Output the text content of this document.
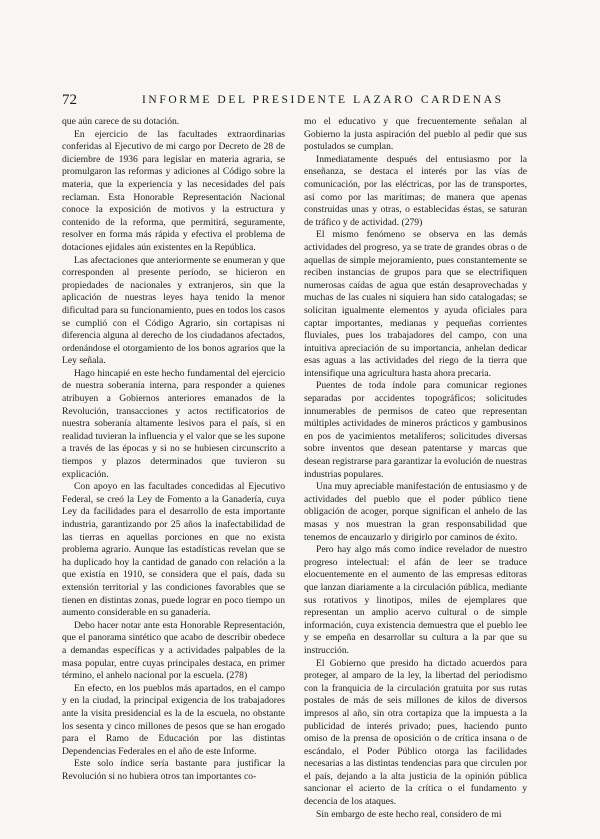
72	INFORME DEL PRESIDENTE LAZARO CARDENAS

que aún carece de su dotación.

En ejercicio de las facultades extraordinarias conferidas al Ejecutivo de mi cargo por Decreto de 28 de diciembre de 1936 para legislar en materia agraria, se promulgaron las reformas y adiciones al Código sobre la materia, que la experiencia y las necesidades del país reclaman. Esta Honorable Representación Nacional conoce la exposición de motivos y la estructura y contenido de la reforma, que permitirá, seguramente, resolver en forma más rápida y efectiva el problema de dotaciones ejidales aún existentes en la República.

Las afectaciones que anteriormente se enumeran y que corresponden al presente período, se hicieron en propiedades de nacionales y extranjeros, sin que la aplicación de nuestras leyes haya tenido la menor dificultad para su funcionamiento, pues en todos los casos se cumplió con el Código Agrario, sin cortapisas ni diferencia alguna al derecho de los ciudadanos afectados, ordenándose el otorgamiento de los bonos agrarios que la Ley señala.

Hago hincapié en este hecho fundamental del ejercicio de nuestra soberanía interna, para responder a quienes atribuyen a Gobiernos anteriores emanados de la Revolución, transacciones y actos rectificatorios de nuestra soberanía altamente lesivos para el país, si en realidad tuvieran la influencia y el valor que se les supone a través de las épocas y si no se hubiesen circunscrito a tiempos y plazos determinados que tuvieron su explicación.

Con apoyo en las facultades concedidas al Ejecutivo Federal, se creó la Ley de Fomento a la Ganadería, cuya Ley da facilidades para el desarrollo de esta importante industria, garantizando por 25 años la inafectabilidad de las tierras en aquellas porciones en que no exista problema agrario. Aunque las estadísticas revelan que se ha duplicado hoy la cantidad de ganado con relación a la que existía en 1910, se considera que el país, dada su extensión territorial y las condiciones favorables que se tienen en distintas zonas, puede lograr en poco tiempo un aumento considerable en su ganadería.

Debo hacer notar ante esta Honorable Representación, que el panorama sintético que acabo de describir obedece a demandas específicas y a actividades palpables de la masa popular, entre cuyas principales destaca, en primer término, el anhelo nacional por la escuela. (278)

En efecto, en los pueblos más apartados, en el campo y en la ciudad, la principal exigencia de los trabajadores ante la visita presidencial es la de la escuela, no obstante los sesenta y cinco millones de pesos que se han erogado para el Ramo de Educación por las distintas Dependencias Federales en el año de este Informe.

Este solo índice sería bastante para justificar la Revolución si no hubiera otros tan importantes co-

mo el educativo y que frecuentemente señalan al Gobierno la justa aspiración del pueblo al pedir que sus postulados se cumplan.

Inmediatamente después del entusiasmo por la enseñanza, se destaca el interés por las vías de comunicación, por las eléctricas, por las de transportes, así como por las marítimas; de manera que apenas construidas unas y otras, o establecidas éstas, se saturan de tráfico y de actividad. (279)

El mismo fenómeno se observa en las demás actividades del progreso, ya se trate de grandes obras o de aquellas de simple mejoramiento, pues constantemente se reciben instancias de grupos para que se electrifiquen numerosas caídas de agua que están desaprovechadas y muchas de las cuales ni siquiera han sido catalogadas; se solicitan igualmente elementos y ayuda oficiales para captar importantes, medianas y pequeñas corrientes fluviales, pues los trabajadores del campo, con una intuitiva apreciación de su importancia, anhelan dedicar esas aguas a las actividades del riego de la tierra que intensifique una agricultura hasta ahora precaria.

Puentes de toda índole para comunicar regiones separadas por accidentes topográficos; solicitudes innumerables de permisos de cateo que representan múltiples actividades de mineros prácticos y gambusinos en pos de yacimientos metalíferos; solicitudes diversas sobre inventos que desean patentarse y marcas que desean registrarse para garantizar la evolución de nuestras industrias populares.

Una muy apreciable manifestación de entusiasmo y de actividades del pueblo que el poder público tiene obligación de acoger, porque significan el anhelo de las masas y nos muestran la gran responsabilidad que tenemos de encauzarlo y dirigirlo por caminos de éxito.

Pero hay algo más como índice revelador de nuestro progreso intelectual: el afán de leer se traduce elocuentemente en el aumento de las empresas editoras que lanzan diariamente a la circulación pública, mediante sus rotativos y linotipos, miles de ejemplares que representan un amplio acervo cultural o de simple información, cuya existencia demuestra que el pueblo lee y se empeña en desarrollar su cultura a la par que su instrucción.

El Gobierno que presido ha dictado acuerdos para proteger, al amparo de la ley, la libertad del periodismo con la franquicia de la circulación gratuita por sus rutas postales de más de seis millones de kilos de diversos impresos al año, sin otra cortapiza que la impuesta a la publicidad de interés privado; pues, haciendo punto omiso de la prensa de oposición o de crítica insana o de escándalo, el Poder Público otorga las facilidades necesarias a las distintas tendencias para que circulen por el país, dejando a la alta justicia de la opinión pública sancionar el acierto de la crítica o el fundamento y decencia de los ataques.

Sin embargo de este hecho real, considero de mi
